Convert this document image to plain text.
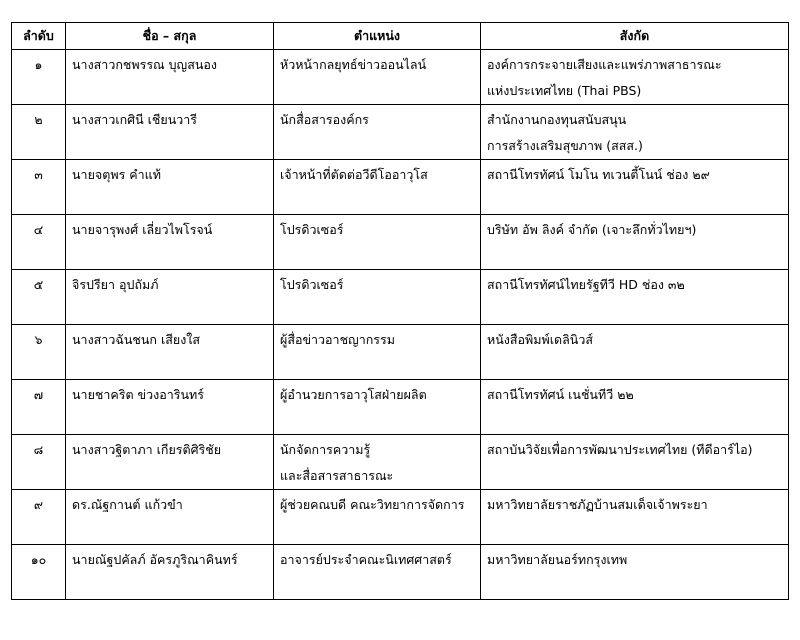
ลำดับ	ชื่อ – สกุล	ตำแหน่ง	สังกัด
๑	นางสาวกชพรรณ บุญสนอง	หัวหน้ากลยุทธ์ข่าวออนไลน์	องค์การกระจายเสียงและแพร่ภาพสาธารณะ
แห่งประเทศไทย (Thai PBS)

๒	นางสาวเกศินี เชียนวารี	นักสื่อสารองค์กร	สำนักงานกองทุนสนับสนุน
การสร้างเสริมสุขภาพ (สสส.)

๓	นายจตุพร คำแท้	เจ้าหน้าที่ตัดต่อวีดีโออาวุโส	สถานีโทรทัศน์ โมโน ทเวนตี้โนน์ ช่อง ๒๙

๔	นายจารุพงศ์ เลี่ยวไพโรจน์	โปรดิวเซอร์	บริษัท อัพ ลิงค์ จำกัด (เจาะลึกทั่วไทยฯ)

๕	จิรปรียา อุปถัมภ์	โปรดิวเซอร์	สถานีโทรทัศน์ไทยรัฐทีวี HD ช่อง ๓๒

๖	นางสาวฉันชนก เสียงใส	ผู้สื่อข่าวอาชญากรรม	หนังสือพิมพ์เดลินิวส์

๗	นายชาคริต ข่วงอารินทร์	ผู้อำนวยการอาวุโสฝ่ายผลิต	สถานีโทรทัศน์ เนชั่นทีวี ๒๒

๘	นางสาวฐิตาภา เกียรติศิริชัย	นักจัดการความรู้
และสื่อสารสาธารณะ	สถาบันวิจัยเพื่อการพัฒนาประเทศไทย (ทีดีอาร์ไอ)

๙	ดร.ณัฐกานต์ แก้วขำ	ผู้ช่วยคณบดี คณะวิทยาการจัดการ	มหาวิทยาลัยราชภัฏบ้านสมเด็จเจ้าพระยา

๑๐	นายณัฐปคัลภ์ อัครภูริณาคินทร์	อาจารย์ประจำคณะนิเทศศาสตร์	มหาวิทยาลัยนอร์ทกรุงเทพ
